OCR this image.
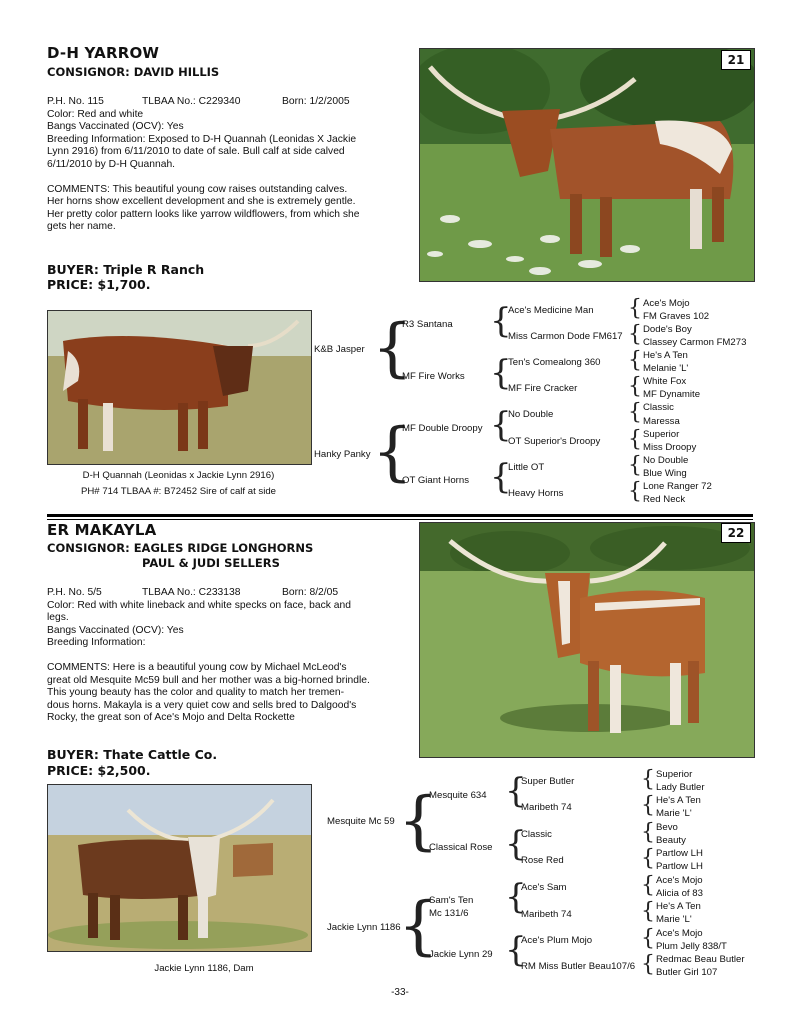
D-H YARROW
CONSIGNOR: DAVID HILLIS
P.H. No. 115	TLBAA No.: C229340	Born: 1/2/2005
Color: Red and white
Bangs Vaccinated (OCV): Yes
Breeding Information: Exposed to D-H Quannah (Leonidas X Jackie
Lynn 2916) from 6/11/2010 to date of sale. Bull calf at side calved
6/11/2010 by D-H Quannah.
COMMENTS: This beautiful young cow raises outstanding calves.
Her horns show excellent development and she is extremely gentle.
Her pretty color pattern looks like yarrow wildflowers, from which she
gets her name.
BUYER: Triple R Ranch
PRICE: $1,700.
21
D-H Quannah (Leonidas x Jackie Lynn 2916)
PH# 714 TLBAA #: B72452 Sire of calf at side
K&B Jasper
Hanky Panky
{
{
R3 Santana
MF Fire Works
MF Double Droopy
OT Giant Horns
{
{
{
{
Ace's Medicine Man
Miss Carmon Dode FM617
Ten's Comealong 360
MF Fire Cracker
No Double
OT Superior's Droopy
Little OT
Heavy Horns
{
{
{
{
{
{
{
{
Ace's Mojo
FM Graves 102
Dode's Boy
Classey Carmon FM273
He's A Ten
Melanie 'L'
White Fox
MF Dynamite
Classic
Maressa
Superior
Miss Droopy
No Double
Blue Wing
Lone Ranger 72
Red Neck
ER MAKAYLA
CONSIGNOR: EAGLES RIDGE LONGHORNS
PAUL & JUDI SELLERS
P.H. No. 5/5	TLBAA No.: C233138	Born: 8/2/05
Color: Red with white lineback and white specks on face, back and
legs.
Bangs Vaccinated (OCV): Yes
Breeding Information:
COMMENTS: Here is a beautiful young cow by Michael McLeod's
great old Mesquite Mc59 bull and her mother was a big-horned brindle.
This young beauty has the color and quality to match her tremen-
dous horns. Makayla is a very quiet cow and sells bred to Dalgood's
Rocky, the great son of Ace's Mojo and Delta Rockette
BUYER: Thate Cattle Co.
PRICE: $2,500.
22
Jackie Lynn 1186, Dam
Mesquite Mc 59
Jackie Lynn 1186
{
{
Mesquite 634
Classical Rose
Sam's Ten
Mc 131/6
Jackie Lynn 29
{
{
{
{
Super Butler
Maribeth 74
Classic
Rose Red
Ace's Sam
Maribeth 74
Ace's Plum Mojo
RM Miss Butler Beau107/6
{
{
{
{
{
{
{
{
Superior
Lady Butler
He's A Ten
Marie 'L'
Bevo
Beauty
Partlow LH
Partlow LH
Ace's Mojo
Alicia of 83
He's A Ten
Marie 'L'
Ace's Mojo
Plum Jelly 838/T
Redmac Beau Butler
Butler Girl 107
-33-
